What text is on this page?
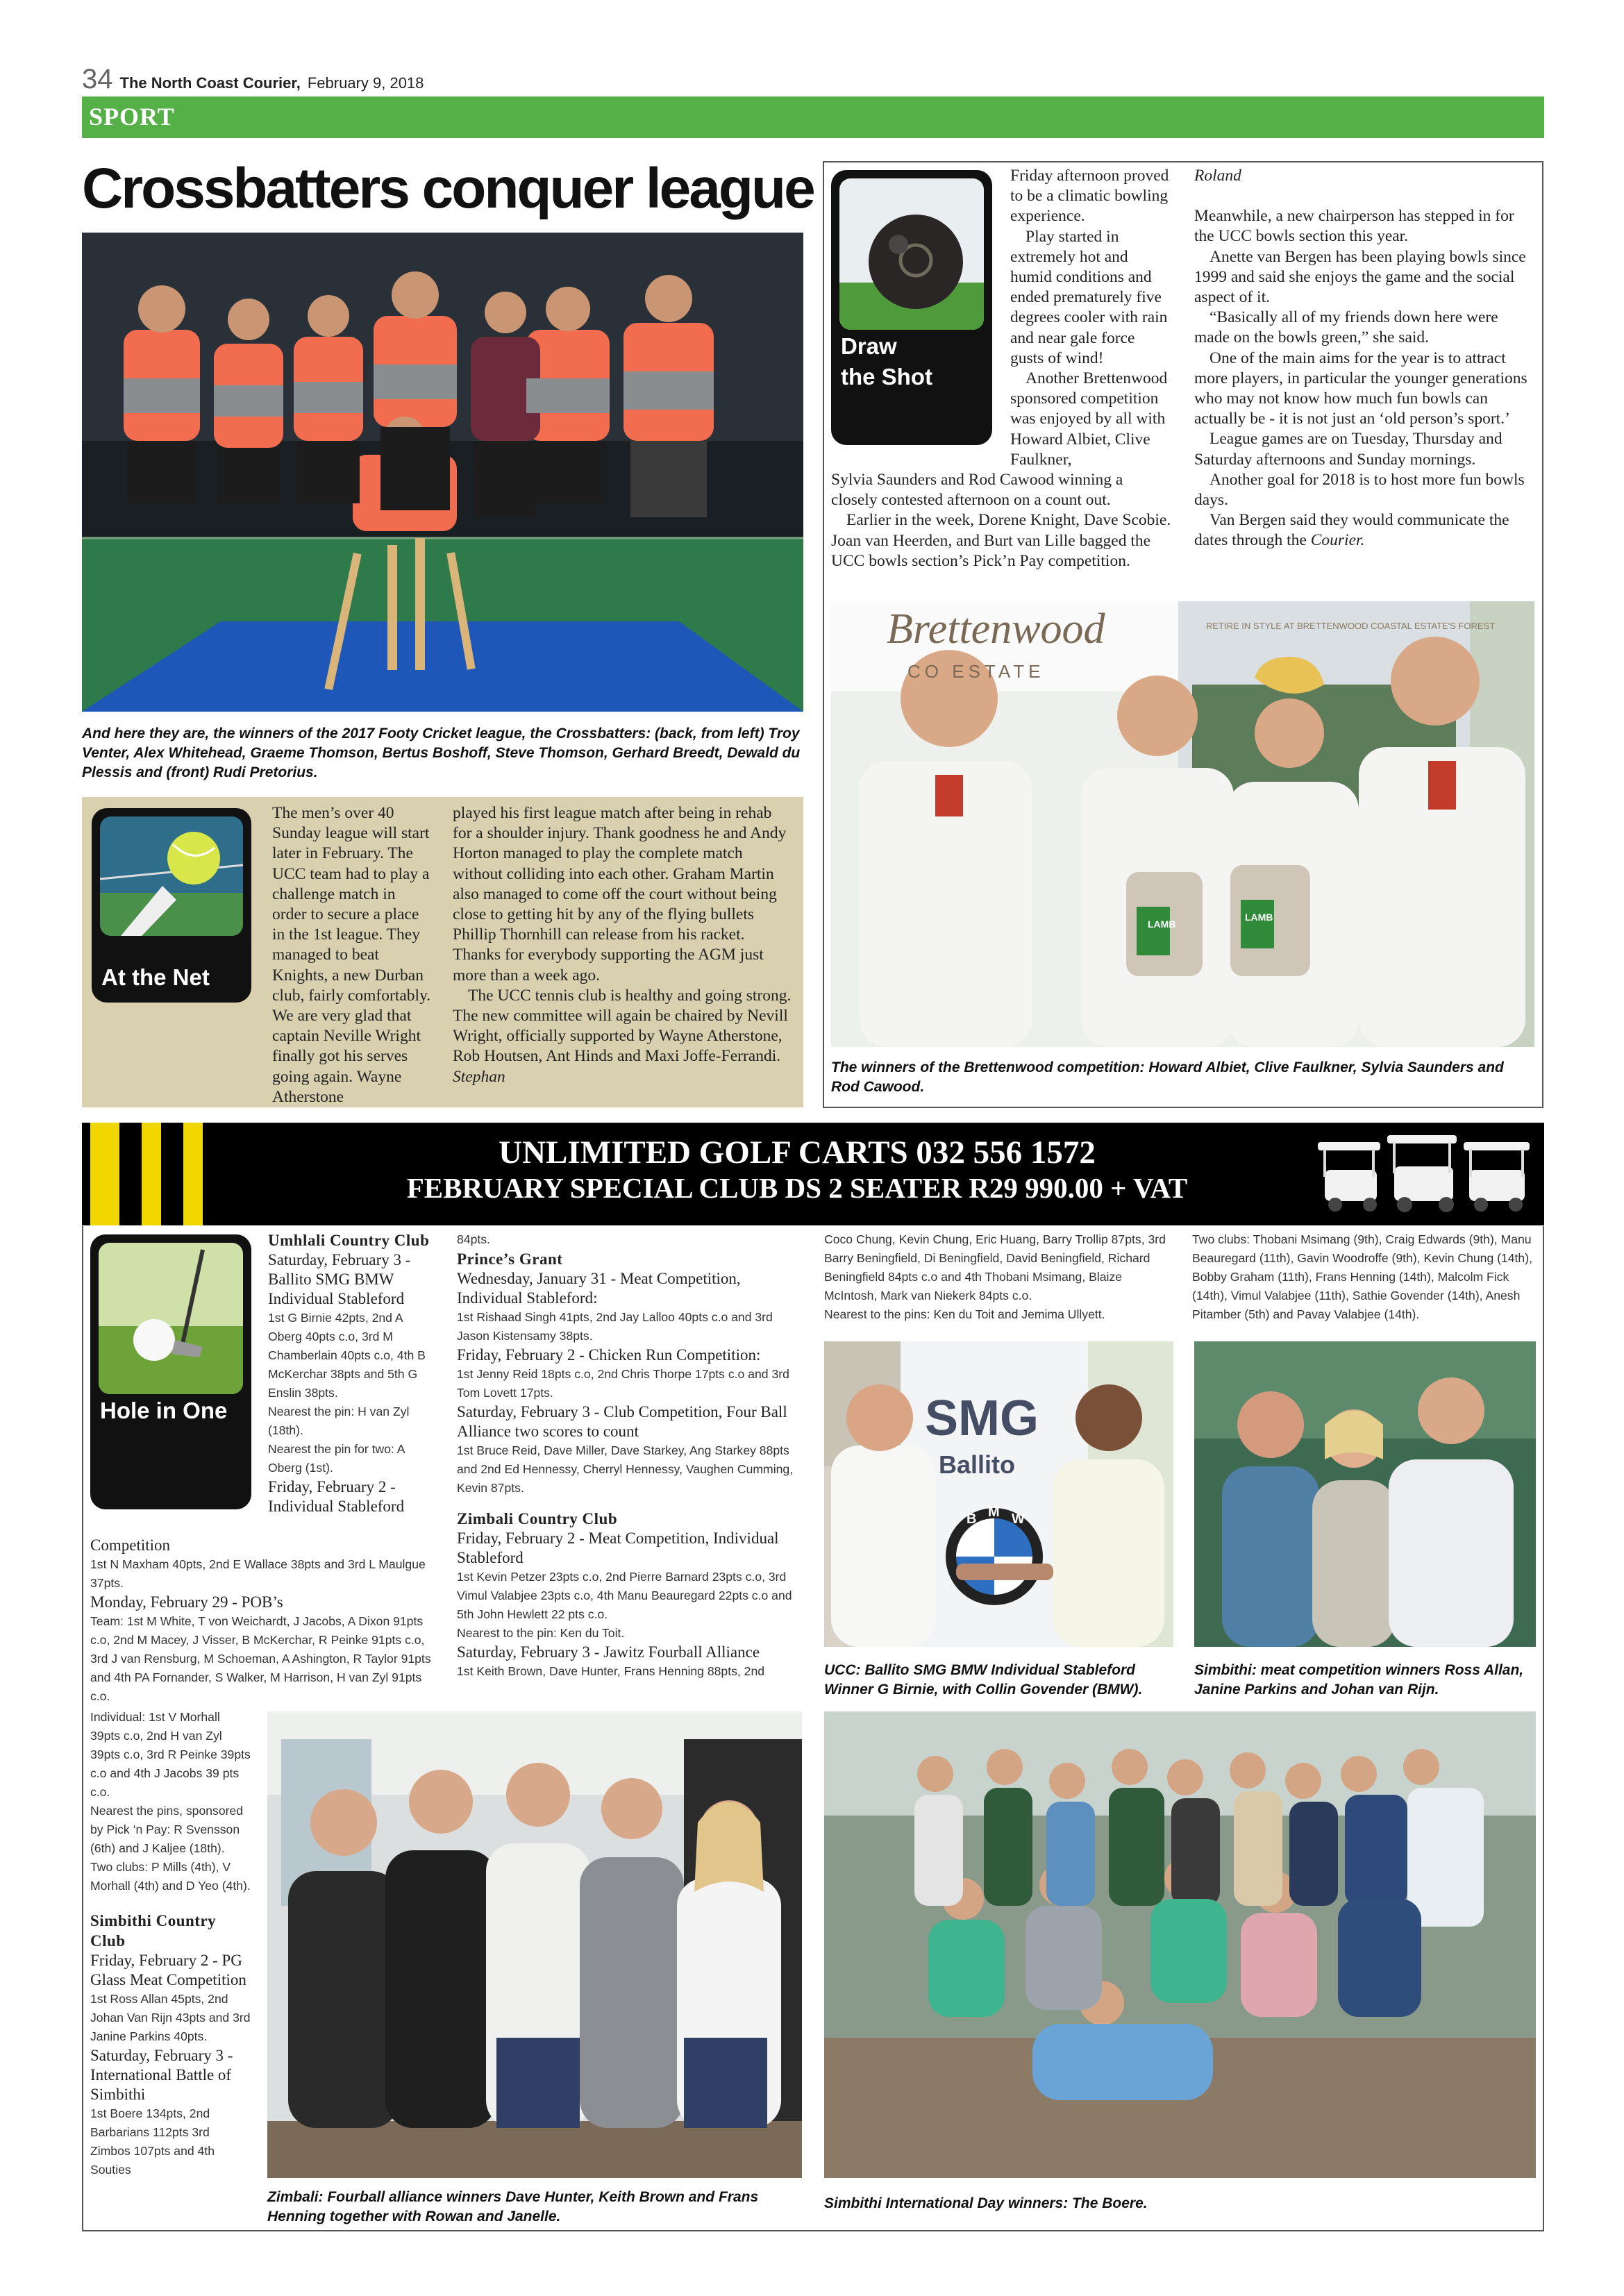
34 The North Coast Courier, February 9, 2018
SPORT
Crossbatters conquer league
And here they are, the winners of the 2017 Footy Cricket league, the Crossbatters: (back, from left) Troy Venter, Alex Whitehead, Graeme Thomson, Bertus Boshoff, Steve Thomson, Gerhard Breedt, Dewald du Plessis and (front) Rudi Pretorius.
At the Net
The men’s over 40 Sunday league will start later in February. The UCC team had to play a challenge match in order to secure a place in the 1st league. They managed to beat Knights, a new Durban club, fairly comfortably. We are very glad that captain Neville Wright finally got his serves going again. Wayne Atherstone

played his first league match after being in rehab for a shoulder injury. Thank goodness he and Andy Horton managed to play the complete match without colliding into each other. Graham Martin also managed to come off the court without being close to getting hit by any of the flying bullets Phillip Thornhill can release from his racket. Thanks for everybody supporting the AGM just more than a week ago.

The UCC tennis club is healthy and going strong. The new committee will again be chaired by Nevill Wright, officially supported by Wayne Atherstone, Rob Houtsen, Ant Hinds and Maxi Joffe-Ferrandi.

Stephan

Draw
the Shot

Friday afternoon proved to be a climatic bowling experience.

Play started in extremely hot and humid conditions and ended prematurely five degrees cooler with rain and near gale force gusts of wind!

Another Brettenwood sponsored competition was enjoyed by all with Howard Albiet, Clive Faulkner,

Sylvia Saunders and Rod Cawood winning a closely contested afternoon on a count out.

Earlier in the week, Dorene Knight, Dave Scobie. Joan van Heerden, and Burt van Lille bagged the UCC bowls section’s Pick’n Pay competition.

Roland

Meanwhile, a new chairperson has stepped in for the UCC bowls section this year.

Anette van Bergen has been playing bowls since 1999 and said she enjoys the game and the social aspect of it.

“Basically all of my friends down here were made on the bowls green,” she said.

One of the main aims for the year is to attract more players, in particular the younger generations who may not know how much fun bowls can actually be - it is not just an ‘old person’s sport.’

League games are on Tuesday, Thursday and Saturday afternoons and Sunday mornings.

Another goal for 2018 is to host more fun bowls days.

Van Bergen said they would communicate the dates through the Courier.

LAMB
LAMB
Brettenwood
CO ESTATE
RETIRE IN STYLE AT BRETTENWOOD COASTAL ESTATE'S FOREST
The winners of the Brettenwood competition: Howard Albiet, Clive Faulkner, Sylvia Saunders and Rod Cawood.
UNLIMITED GOLF CARTS 032 556 1572
FEBRUARY SPECIAL CLUB DS 2 SEATER R29 990.00 + VAT
Hole in One

Umhlali Country Club

Saturday, February 3 - Ballito SMG BMW Individual Stableford

1st G Birnie 42pts, 2nd A Oberg 40pts c.o, 3rd M Chamberlain 40pts c.o, 4th B McKerchar 38pts and 5th G Enslin 38pts.

Nearest the pin: H van Zyl (18th).

Nearest the pin for two: A Oberg (1st).

Friday, February 2 - Individual Stableford

Competition

1st N Maxham 40pts, 2nd E Wallace 38pts and 3rd L Maulgue 37pts.

Monday, February 29 - POB’s

Team: 1st M White, T von Weichardt, J Jacobs, A Dixon 91pts c.o, 2nd M Macey, J Visser, B McKerchar, R Peinke 91pts c.o, 3rd J van Rensburg, M Schoeman, A Ashington, R Taylor 91pts and 4th PA Fornander, S Walker, M Harrison, H van Zyl 91pts c.o.

Individual: 1st V Morhall 39pts c.o, 2nd H van Zyl 39pts c.o, 3rd R Peinke 39pts c.o and 4th J Jacobs 39 pts c.o.

Nearest the pins, sponsored by Pick ‘n Pay: R Svensson (6th) and J Kaljee (18th).

Two clubs: P Mills (4th), V Morhall (4th) and D Yeo (4th).

Simbithi Country Club

Friday, February 2 - PG Glass Meat Competition

1st Ross Allan 45pts, 2nd Johan Van Rijn 43pts and 3rd Janine Parkins 40pts.

Saturday, February 3 - International Battle of Simbithi

1st Boere 134pts, 2nd Barbarians 112pts 3rd Zimbos 107pts and 4th Souties

84pts.

Prince’s Grant

Wednesday, January 31 - Meat Competition, Individual Stableford:

1st Rishaad Singh 41pts, 2nd Jay Lalloo 40pts c.o and 3rd Jason Kistensamy 38pts.

Friday, February 2 - Chicken Run Competition:

1st Jenny Reid 18pts c.o, 2nd Chris Thorpe 17pts c.o and 3rd Tom Lovett 17pts.

Saturday, February 3 - Club Competition, Four Ball Alliance two scores to count

1st Bruce Reid, Dave Miller, Dave Starkey, Ang Starkey 88pts and 2nd Ed Hennessy, Cherryl Hennessy, Vaughen Cumming, Kevin 87pts.

Zimbali Country Club

Friday, February 2 - Meat Competition, Individual Stableford

1st Kevin Petzer 23pts c.o, 2nd Pierre Barnard 23pts c.o, 3rd Vimul Valabjee 23pts c.o, 4th Manu Beauregard 22pts c.o and 5th John Hewlett 22 pts c.o.

Nearest to the pin: Ken du Toit.

Saturday, February 3 - Jawitz Fourball Alliance

1st Keith Brown, Dave Hunter, Frans Henning 88pts, 2nd

Coco Chung, Kevin Chung, Eric Huang, Barry Trollip 87pts, 3rd Barry Beningfield, Di Beningfield, David Beningfield, Richard Beningfield 84pts c.o and 4th Thobani Msimang, Blaize McIntosh, Mark van Niekerk 84pts c.o.

Nearest to the pins: Ken du Toit and Jemima Ullyett.

Two clubs: Thobani Msimang (9th), Craig Edwards (9th), Manu Beauregard (11th), Gavin Woodroffe (9th), Kevin Chung (14th), Bobby Graham (11th), Frans Henning (14th), Malcolm Fick (14th), Vimul Valabjee (11th), Sathie Govender (14th), Anesh Pitamber (5th) and Pavay Valabjee (14th).

SMG
Ballito
B M W
UCC: Ballito SMG BMW Individual Stableford Winner G Birnie, with Collin Govender (BMW).
Simbithi: meat competition winners Ross Allan, Janine Parkins and Johan van Rijn.
Zimbali: Fourball alliance winners Dave Hunter, Keith Brown and Frans Henning together with Rowan and Janelle.
Simbithi International Day winners: The Boere.
